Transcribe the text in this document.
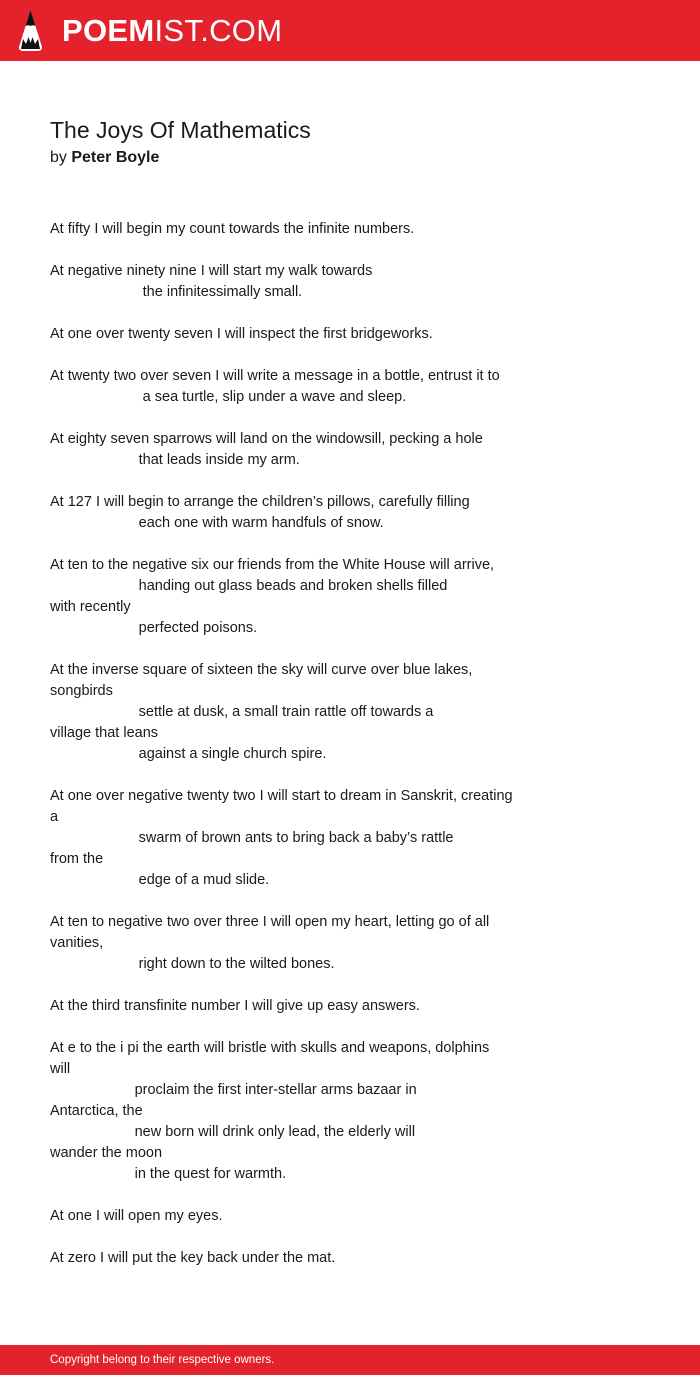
POEMIST.COM
The Joys Of Mathematics
by Peter Boyle
At fifty I will begin my count towards the infinite numbers.

At negative ninety nine I will start my walk towards
the infinitessimally small.

At one over twenty seven I will inspect the first bridgeworks.

At twenty two over seven I will write a message in a bottle, entrust it to
a sea turtle, slip under a wave and sleep.

At eighty seven sparrows will land on the windowsill, pecking a hole
that leads inside my arm.

At 127 I will begin to arrange the children’s pillows, carefully filling
each one with warm handfuls of snow.

At ten to the negative six our friends from the White House will arrive,
handing out glass beads and broken shells filled
with recently
perfected poisons.

At the inverse square of sixteen the sky will curve over blue lakes,
songbirds
settle at dusk, a small train rattle off towards a
village that leans
against a single church spire.

At one over negative twenty two I will start to dream in Sanskrit, creating
a
swarm of brown ants to bring back a baby’s rattle
from the
edge of a mud slide.

At ten to negative two over three I will open my heart, letting go of all
vanities,
right down to the wilted bones.

At the third transfinite number I will give up easy answers.

At e to the i pi the earth will bristle with skulls and weapons, dolphins
will
proclaim the first inter-stellar arms bazaar in
Antarctica, the
new born will drink only lead, the elderly will
wander the moon
in the quest for warmth.

At one I will open my eyes.

At zero I will put the key back under the mat.
Copyright belong to their respective owners.
